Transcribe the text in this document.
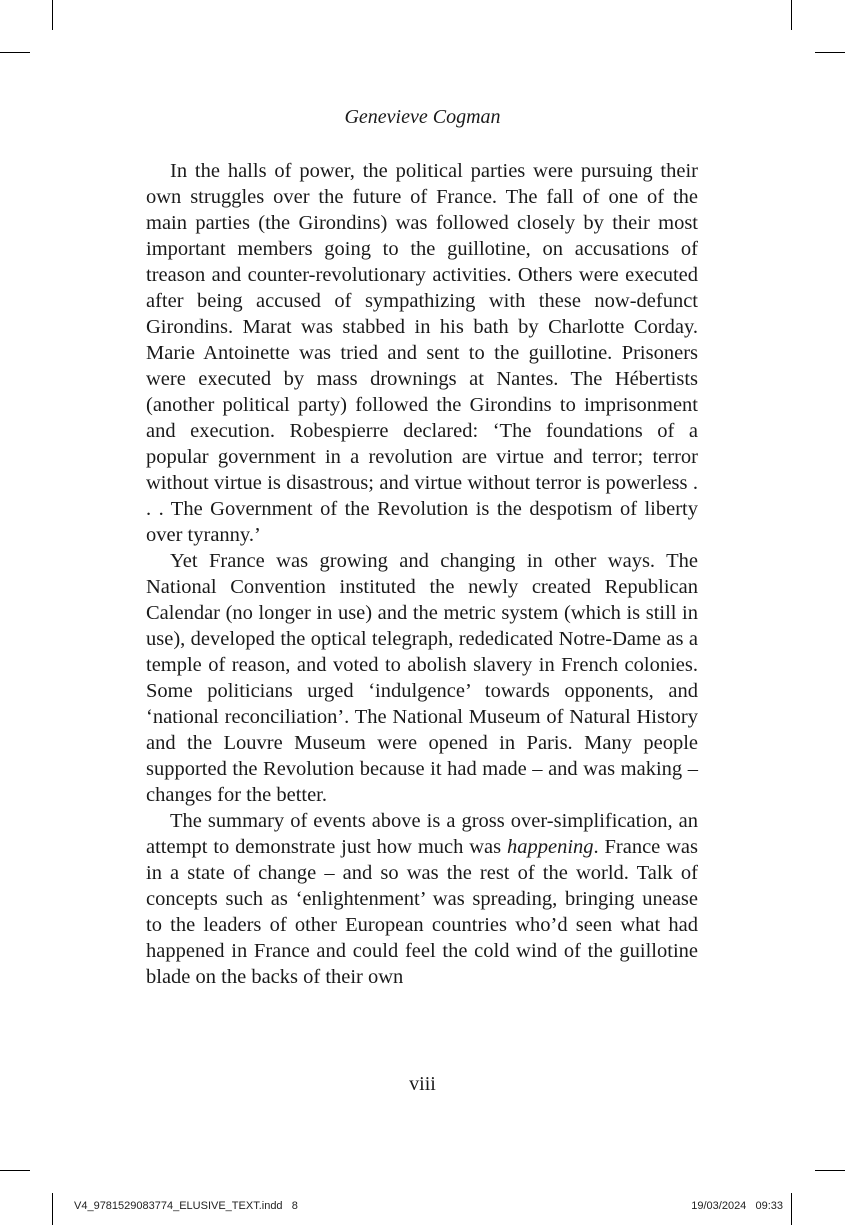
Genevieve Cogman

In the halls of power, the political parties were pursuing their own struggles over the future of France. The fall of one of the main parties (the Girondins) was followed closely by their most important members going to the guillotine, on accusations of treason and counter-revolutionary activities. Others were executed after being accused of sympathizing with these now-defunct Girondins. Marat was stabbed in his bath by Charlotte Corday. Marie Antoinette was tried and sent to the guillotine. Prisoners were executed by mass drownings at Nantes. The Hébertists (another political party) followed the Girondins to imprisonment and execution. Robespierre declared: ‘The foundations of a popular government in a revolution are virtue and terror; terror without virtue is disastrous; and virtue without terror is powerless . . . The Government of the Revolution is the despotism of liberty over tyranny.’

Yet France was growing and changing in other ways. The National Convention instituted the newly created Republican Calendar (no longer in use) and the metric system (which is still in use), developed the optical telegraph, rededicated Notre-Dame as a temple of reason, and voted to abolish slavery in French colonies. Some politicians urged ‘indulgence’ towards opponents, and ‘national reconciliation’. The National Museum of Natural History and the Louvre Museum were opened in Paris. Many people supported the Revolution because it had made – and was making – changes for the better.

The summary of events above is a gross over-simplification, an attempt to demonstrate just how much was happening. France was in a state of change – and so was the rest of the world. Talk of concepts such as ‘enlightenment’ was spreading, bringing unease to the leaders of other European countries who’d seen what had happened in France and could feel the cold wind of the guillotine blade on the backs of their own

viii
V4_9781529083774_ELUSIVE_TEXT.indd   8	19/03/2024   09:33
